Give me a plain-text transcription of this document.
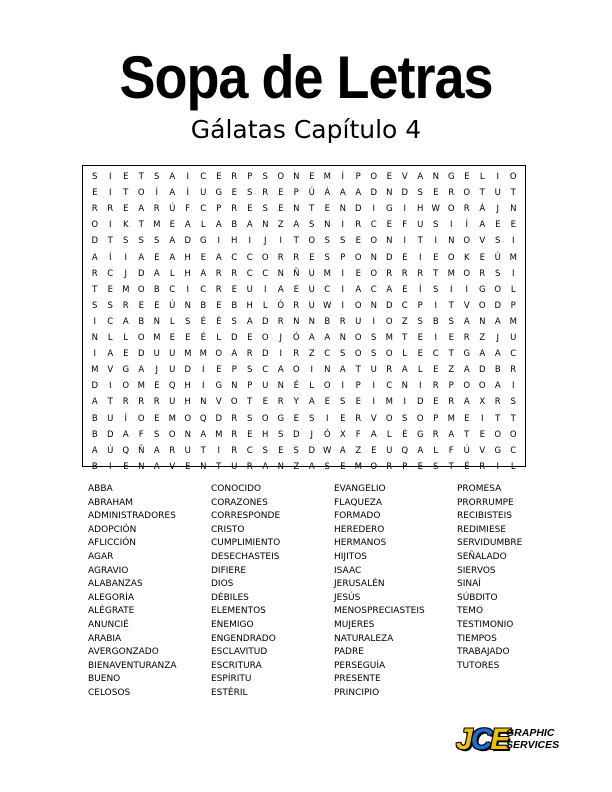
Sopa de Letras
Gálatas Capítulo 4
S	I	E	T	S	A	I	C	E	R	P	S	O	N	E	M	Í	P	O	E	V	A	N	G	E	L	I	O
E	I	T	O	Í	A	Í	U	G	E	S	R	E	P	Ú	Á	A	A	D	N	D	S	E	R	O	T	U	T
R	R	E	A	R	Ú	F	C	P	R	E	S	E	N	T	E	N	D	I	G	I	H W O	R	Á	J	N
O	I	K	T	M	E	A	L	A	B	A	N	Z	A	S	N	I	R	C	E	F	U	S	I	Í	A	E	E
D	T	S	S	S	A	D	G	I	H	I	J	I	T	O	S	S	E	O	N	I	T	I	N	O	V	S	I
A	Í	I	A	E	A	H	E	A	C	C	O	R	R	E	S	P	O	N	D	E	I	E	O	K	E	Ú	M
R	C	J	D	A	L	H	A	R	R	C	C	N	Ñ	U	M	I	E	O	R	R	R	T	M O	R	S	I
T	E	M O	B	C	I	C	R	E	U	I	A	E	U	C	I	A	C	A	E	Í	S	I	I	G	O	L
S	S	R	E	E	Ú	N	B	E	B	H	L	Ó	R	U W	I	O	N	D	C	P	I	T	V	O	D	P
I	C	A	B	N	L	S	É	É	S	A	D	R	N	N	B	R	U	I	O	Z	S	B	S	A	N	A	M
N	L	L	O M	E	E	É	L	D	E	O	J	Ó	A	A	N	O	S	M	T	E	I	E	R	Z	J	U
I	A	E	D	U	U	M M O	A	R	D	I	R	Z	C	S	O	S	O	L	E	C	T	G	A	A	C
M	V	G	A	J	U	D	I	E	P	S	C	A	O	I	N	A	T	U	R	A	L	E	Z	A	D	B	R
D	I	O M	E	Q	H	I	G	N	P	U	N	É	L	O	I	P	I	C	N	I	R	P	O	O	A	I
A	T	R	R	R	U	H	N	V	O	T	E	R	Y	A	E	S	E	I	M	I	D	E	R	A	X	R	S
B	U	Í	O	E	M O	Q	D	R	S	O	G	E	S	I	E	R	V	O	S	O	P	M	E	I	T	T
B	D	A	F	S	O	N	A	M	R	E	H	S	D	J	Ó	X	F	A	L	É	G	R	A	T	E	O	O
A	Ú	Q	Ñ	A	R	U	T	I	R	C	S	E	S	D W A	Z	E	U	Q	A	L	F	Ú	V	G	C
B	I	E	N	A	V	E	N	T	U	R	A	N	Z	A	S	E	M O	R	P	E	S	T	É	R	I	L
ABBA
ABRAHAM
ADMINISTRADORES
ADOPCIÓN
AFLICCIÓN
AGAR
AGRAVIO
ALABANZAS
ALEGORÍA
ALÉGRATE
ANUNCIÉ
ARABIA
AVERGONZADO
BIENAVENTURANZA
BUENO
CELOSOS
CONOCIDO
CORAZONES
CORRESPONDE
CRISTO
CUMPLIMIENTO
DESECHASTEIS
DIFIERE
DIOS
DÉBILES
ELEMENTOS
ENEMIGO
ENGENDRADO
ESCLAVITUD
ESCRITURA
ESPÍRITU
ESTÉRIL
EVANGELIO
FLAQUEZA
FORMADO
HEREDERO
HERMANOS
HIJITOS
ISAAC
JERUSALÉN
JESÚS
MENOSPRECIASTEIS
MUJERES
NATURALEZA
PADRE
PERSEGUÍA
PRESENTE
PRINCIPIO
PROMESA
PRORRUMPE
RECIBISTEIS
REDIMIESE
SERVIDUMBRE
SEÑALADO
SIERVOS
SINAÍ
SÚBDITO
TEMO
TESTIMONIO
TIEMPOS
TRABAJADO
TUTORES
JCE
GRAPHIC
SERVICES
